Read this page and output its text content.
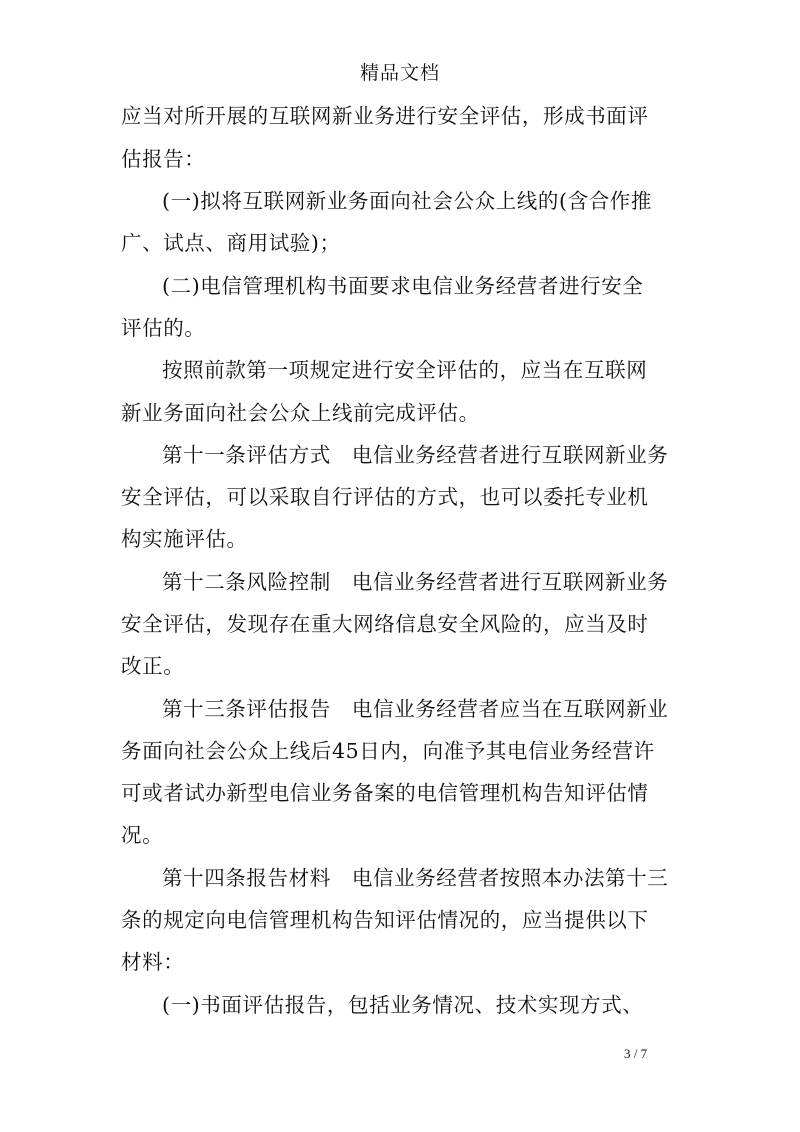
精品文档
应当对所开展的互联网新业务进行安全评估，形成书面评
估报告：
(一)拟将互联网新业务面向社会公众上线的(含合作推
广、试点、商用试验)；
(二)电信管理机构书面要求电信业务经营者进行安全
评估的。
按照前款第一项规定进行安全评估的，应当在互联网
新业务面向社会公众上线前完成评估。
第十一条评估方式　电信业务经营者进行互联网新业务
安全评估，可以采取自行评估的方式，也可以委托专业机
构实施评估。
第十二条风险控制　电信业务经营者进行互联网新业务
安全评估，发现存在重大网络信息安全风险的，应当及时
改正。
第十三条评估报告　电信业务经营者应当在互联网新业
务面向社会公众上线后45日内，向准予其电信业务经营许
可或者试办新型电信业务备案的电信管理机构告知评估情
况。
第十四条报告材料　电信业务经营者按照本办法第十三
条的规定向电信管理机构告知评估情况的，应当提供以下
材料：
(一)书面评估报告，包括业务情况、技术实现方式、
3 / 7
